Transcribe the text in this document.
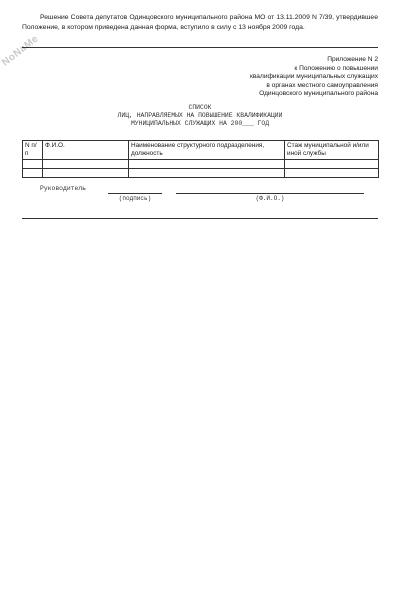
NoNaMe
Решение Совета депутатов Одинцовского муниципального района МО от 13.11.2009 N 7/39, утвердившее Положение, в котором приведена данная форма, вступило в силу с 13 ноября 2009 года.
Приложение N 2
к Положению о повышении
квалификации муниципальных служащих
в органах местного самоуправления
Одинцовского муниципального района
СПИСОК
ЛИЦ, НАПРАВЛЯЕМЫХ НА ПОВЫШЕНИЕ КВАЛИФИКАЦИИ
МУНИЦИПАЛЬНЫХ СЛУЖАЩИХ НА 200___ ГОД
N п/п	Ф.И.О.	Наименование структурного подразделения, должность	Стаж муниципальной и/или иной службы

Руководитель
(подпись)	(Ф.И.О.)
